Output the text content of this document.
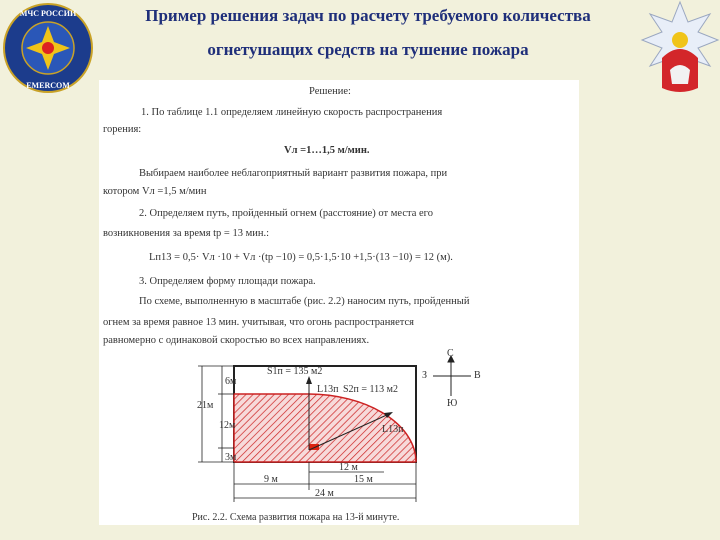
МЧС РОССИИ
EMERCOM
Пример решения задач по расчету требуемого количества
огнетушащих средств на тушение пожара
Решение:
1. По таблице 1.1 определяем линейную скорость распространения
горения:
Vл =1…1,5 м/мин.
Выбираем наиболее неблагоприятный вариант развития пожара, при
котором Vл =1,5 м/мин
2. Определяем путь, пройденный огнем (расстояние) от места его
возникновения за время tр = 13 мин.:
Lп13 = 0,5· Vл ·10 + Vл ·(tр −10) = 0,5·1,5·10 +1,5·(13 −10) = 12 (м).
3. Определяем форму площади пожара.
По схеме, выполненную в масштабе (рис. 2.2) наносим путь, пройденный
огнем за время равное 13 мин. учитывая, что огонь распространяется
равномерно с одинаковой скоростью во всех направлениях.
S1п = 135 м2
L13п S2п = 113 м2
L13п
6м
12м
3м
21м
12 м
9 м	15 м
24 м
С
Ю
З	В
Рис. 2.2. Схема развития пожара на 13-й минуте.
